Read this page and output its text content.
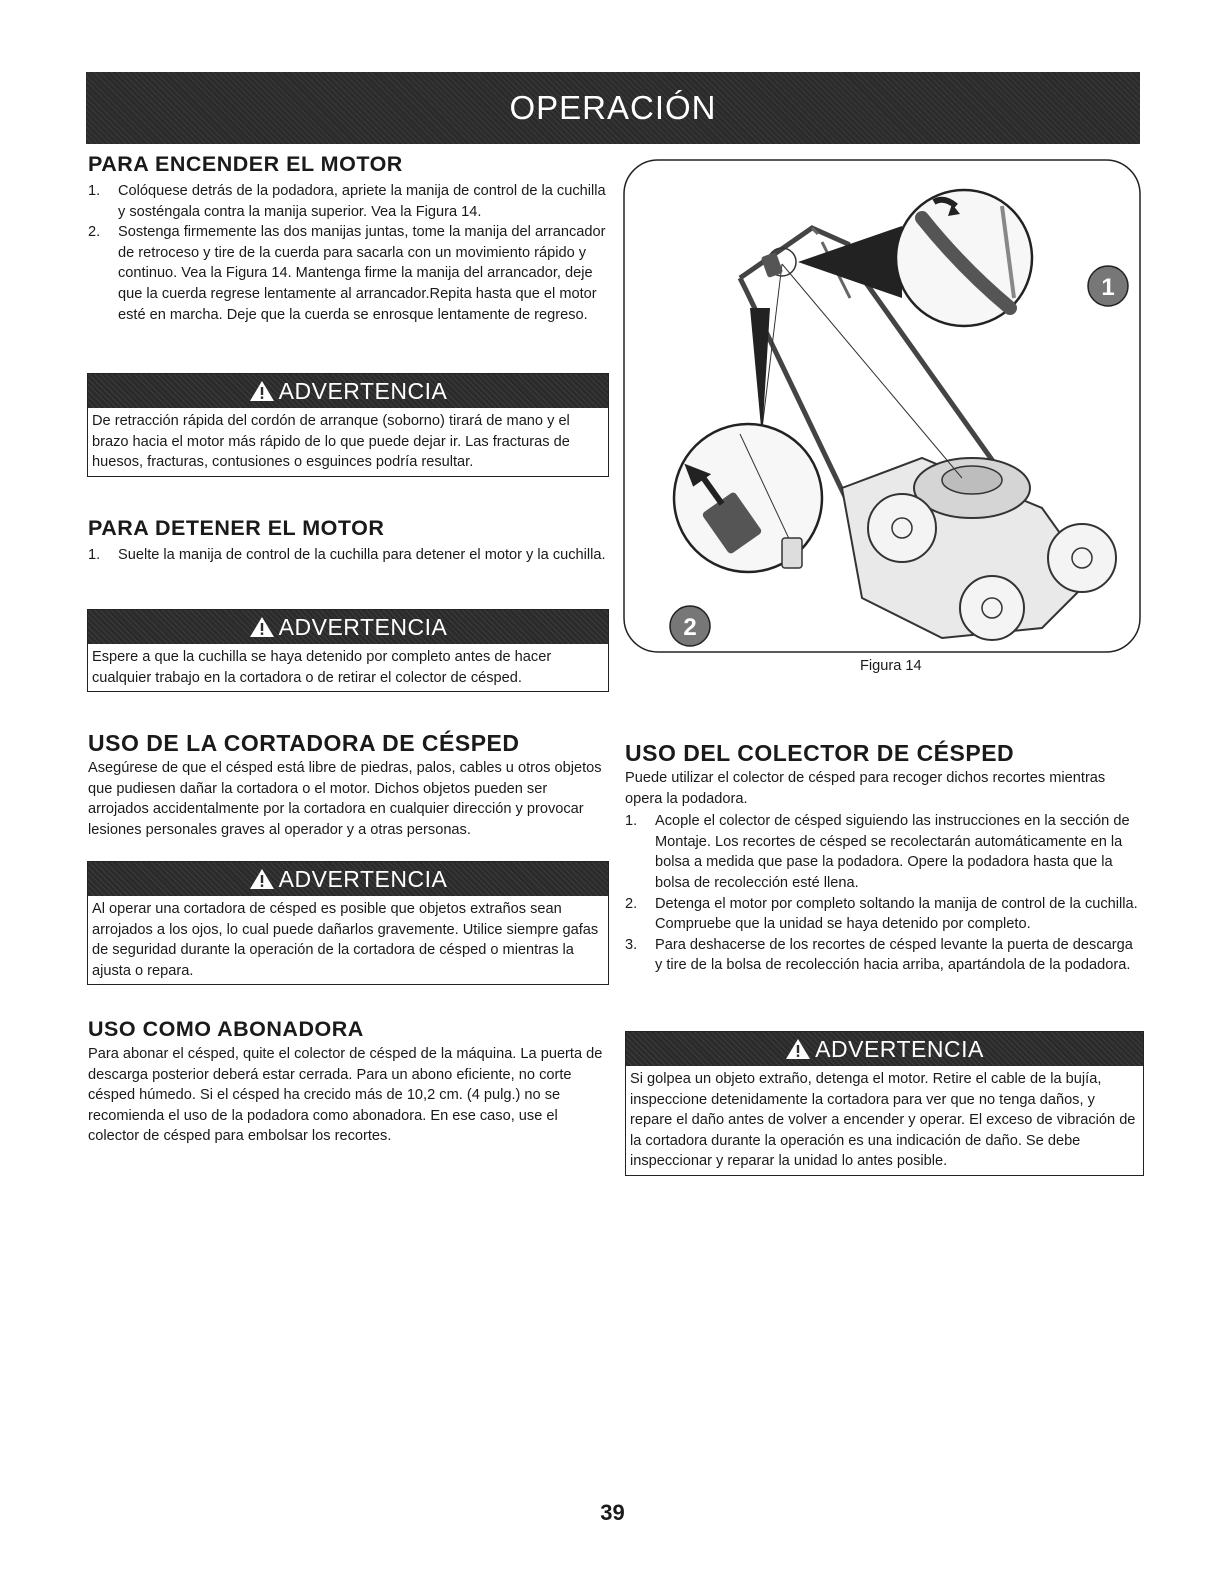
OPERACIÓN
PARA ENCENDER EL MOTOR
1. Colóquese detrás de la podadora, apriete la manija de control de la cuchilla y sosténgala contra la manija superior. Vea la Figura 14.
2. Sostenga firmemente las dos manijas juntas, tome la manija del arrancador de retroceso y tire de la cuerda para sacarla con un movimiento rápido y continuo. Vea la Figura 14. Mantenga firme la manija del arrancador, deje que la cuerda regrese lentamente al arrancador.Repita hasta que el motor esté en marcha. Deje que la cuerda se enrosque lentamente de regreso.
ADVERTENCIA
De retracción rápida del cordón de arranque (soborno) tirará de mano y el brazo hacia el motor más rápido de lo que puede dejar ir. Las fracturas de huesos, fracturas, contusiones o esguinces podría resultar.
PARA DETENER EL MOTOR
1. Suelte la manija de control de la cuchilla para detener el motor y la cuchilla.
ADVERTENCIA
Espere a que la cuchilla se haya detenido por completo antes de hacer cualquier trabajo en la cortadora o de retirar el colector de césped.
USO DE LA CORTADORA DE CÉSPED

Asegúrese de que el césped está libre de piedras, palos, cables u otros objetos que pudiesen dañar la cortadora o el motor. Dichos objetos pueden ser arrojados accidentalmente por la cortadora en cualquier dirección y provocar lesiones personales graves al operador y a otras personas.

ADVERTENCIA
Al operar una cortadora de césped es posible que objetos extraños sean arrojados a los ojos, lo cual puede dañarlos gravemente. Utilice siempre gafas de seguridad durante la operación de la cortadora de césped o mientras la ajusta o repara.
USO COMO ABONADORA

Para abonar el césped, quite el colector de césped de la máquina. La puerta de descarga posterior deberá estar cerrada. Para un abono eficiente, no corte césped húmedo. Si el césped ha crecido más de 10,2 cm. (4 pulg.) no se recomienda el uso de la podadora como abonadora. En ese caso, use el colector de césped para embolsar los recortes.

1
2
Figura 14
USO DEL COLECTOR DE CÉSPED

Puede utilizar el colector de césped para recoger dichos recortes mientras opera la podadora.

1. Acople el colector de césped siguiendo las instrucciones en la sección de Montaje. Los recortes de césped se recolectarán automáticamente en la bolsa a medida que pase la podadora. Opere la podadora hasta que la bolsa de recolección esté llena.
2. Detenga el motor por completo soltando la manija de control de la cuchilla. Compruebe que la unidad se haya detenido por completo.
3. Para deshacerse de los recortes de césped levante la puerta de descarga y tire de la bolsa de recolección hacia arriba, apartándola de la podadora.
ADVERTENCIA
Si golpea un objeto extraño, detenga el motor. Retire el cable de la bujía, inspeccione detenidamente la cortadora para ver que no tenga daños, y repare el daño antes de volver a encender y operar. El exceso de vibración de la cortadora durante la operación es una indicación de daño. Se debe inspeccionar y reparar la unidad lo antes posible.
39
